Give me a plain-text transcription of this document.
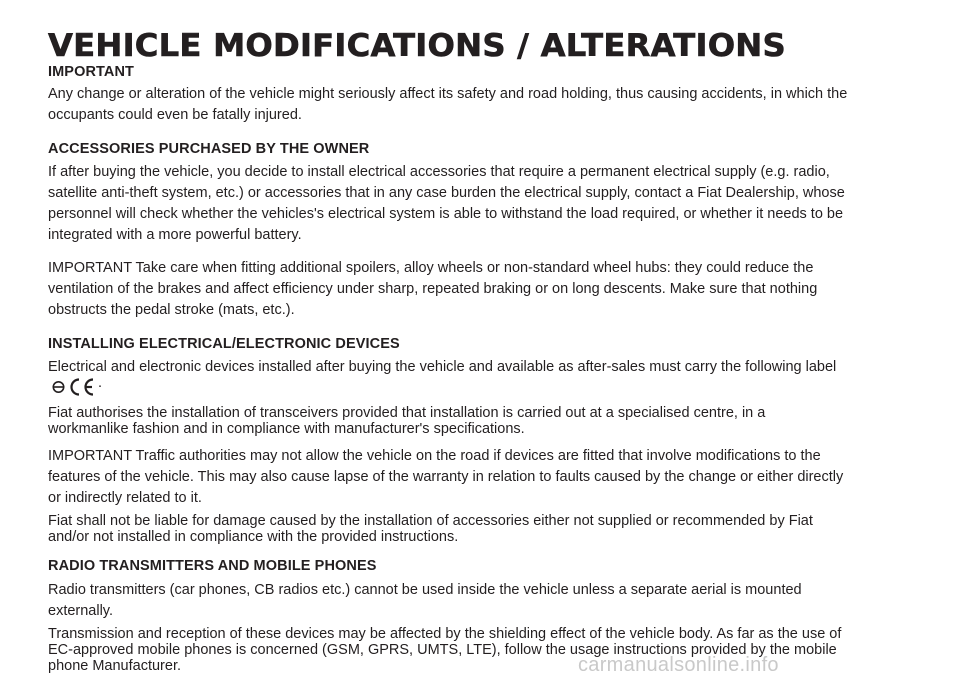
VEHICLE MODIFICATIONS / ALTERATIONS
IMPORTANT

Any change or alteration of the vehicle might seriously affect its safety and road holding, thus causing accidents, in which the occupants could even be fatally injured.

ACCESSORIES PURCHASED BY THE OWNER

If after buying the vehicle, you decide to install electrical accessories that require a permanent electrical supply (e.g. radio, satellite anti-theft system, etc.) or accessories that in any case burden the electrical supply, contact a Fiat Dealership, whose personnel will check whether the vehicles's electrical system is able to withstand the load required, or whether it needs to be integrated with a more powerful battery.

IMPORTANT Take care when fitting additional spoilers, alloy wheels or non-standard wheel hubs: they could reduce the ventilation of the brakes and affect efficiency under sharp, repeated braking or on long descents. Make sure that nothing obstructs the pedal stroke (mats, etc.).

INSTALLING ELECTRICAL/ELECTRONIC DEVICES

Electrical and electronic devices installed after buying the vehicle and available as after-sales must carry the following label
.

Fiat authorises the installation of transceivers provided that installation is carried out at a specialised centre, in a workmanlike fashion and in compliance with manufacturer's specifications.

IMPORTANT Traffic authorities may not allow the vehicle on the road if devices are fitted that involve modifications to the features of the vehicle. This may also cause lapse of the warranty in relation to faults caused by the change or either directly or indirectly related to it.

Fiat shall not be liable for damage caused by the installation of accessories either not supplied or recommended by Fiat and/or not installed in compliance with the provided instructions.

RADIO TRANSMITTERS AND MOBILE PHONES

Radio transmitters (car phones, CB radios etc.) cannot be used inside the vehicle unless a separate aerial is mounted externally.

Transmission and reception of these devices may be affected by the shielding effect of the vehicle body. As far as the use of EC-approved mobile phones is concerned (GSM, GPRS, UMTS, LTE), follow the usage instructions provided by the mobile phone Manufacturer.	carmanualsonline.info
